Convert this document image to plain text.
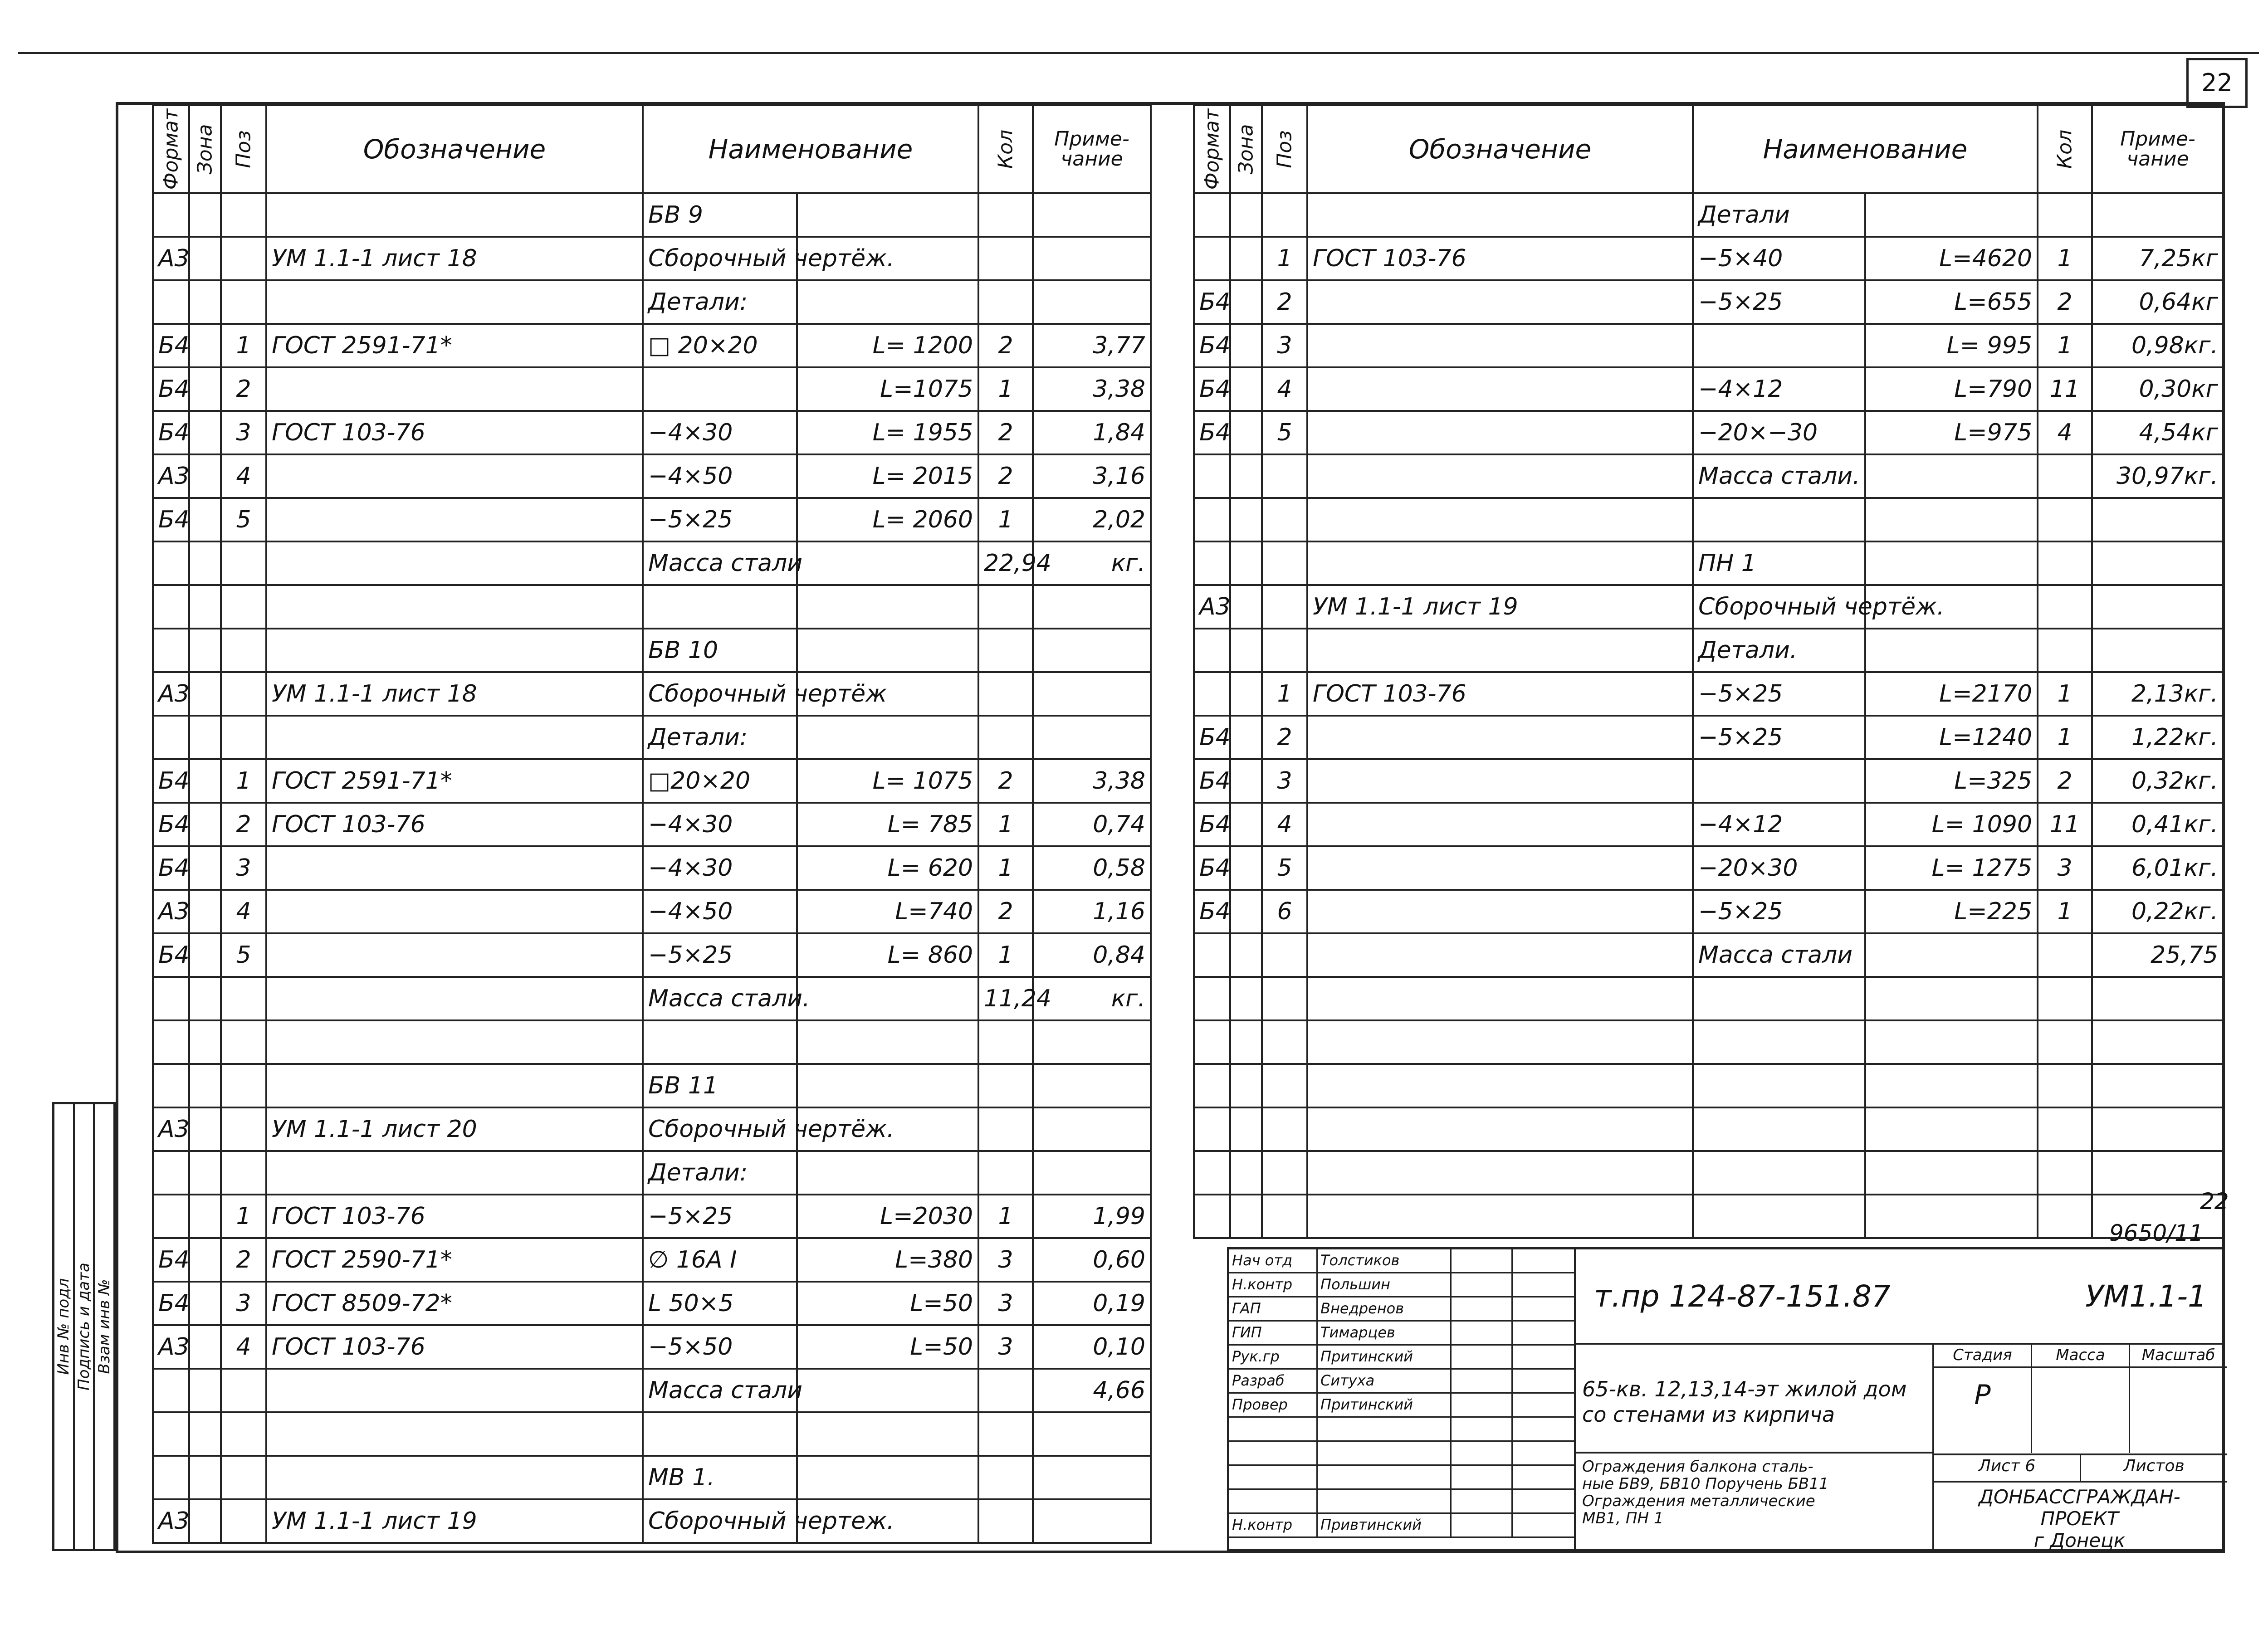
22
Инв № подл Подпись и дата Взам инв №
Формат	Зона	Поз	Обозначение	Наименование		Кол	Приме-чание
				БВ 9			
А3			УМ 1.1-1 лист 18	Сборочный чертёж.			
				Детали:			
Б4		1	ГОСТ 2591-71*	□ 20×20	L= 1200	2	3,77
Б4		2			L=1075	1	3,38
Б4		3	ГОСТ 103-76	−4×30	L= 1955	2	1,84
А3		4		−4×50	L= 2015	2	3,16
Б4		5		−5×25	L= 2060	1	2,02
				Масса стали		22,94	кг.

				БВ 10			
А3			УМ 1.1-1 лист 18	Сборочный чертёж			
				Детали:			
Б4		1	ГОСТ 2591-71*	□20×20	L= 1075	2	3,38
Б4		2	ГОСТ 103-76	−4×30	L= 785	1	0,74
Б4		3		−4×30	L= 620	1	0,58
А3		4		−4×50	L=740	2	1,16
Б4		5		−5×25	L= 860	1	0,84
				Масса стали.		11,24	кг.

				БВ 11			
А3			УМ 1.1-1 лист 20	Сборочный чертёж.			
				Детали:			
		1	ГОСТ 103-76	−5×25	L=2030	1	1,99
Б4		2	ГОСТ 2590-71*	∅ 16А I	L=380	3	0,60
Б4		3	ГОСТ 8509-72*	L 50×5	L=50	3	0,19
А3		4	ГОСТ 103-76	−5×50	L=50	3	0,10
				Масса стали			4,66

				МВ 1.			
А3			УМ 1.1-1 лист 19	Сборочный чертеж.			
Формат	Зона	Поз	Обозначение	Наименование		Кол	Приме-чание
				Детали			
		1	ГОСТ 103-76	−5×40	L=4620	1	7,25кг
Б4		2		−5×25	L=655	2	0,64кг
Б4		3			L= 995	1	0,98кг.
Б4		4		−4×12	L=790	11	0,30кг
Б4		5		−20×−30	L=975	4	4,54кг
				Масса стали.			30,97кг.

				ПН 1			
А3			УМ 1.1-1 лист 19	Сборочный чертёж.			
				Детали.			
		1	ГОСТ 103-76	−5×25	L=2170	1	2,13кг.
Б4		2		−5×25	L=1240	1	1,22кг.
Б4		3			L=325	2	0,32кг.
Б4		4		−4×12	L= 1090	11	0,41кг.
Б4		5		−20×30	L= 1275	3	6,01кг.
Б4		6		−5×25	L=225	1	0,22кг.
				Масса стали			25,75

22
9650/11
Нач отд	Толстиков
Н.контр	Польшин
ГАП	Внедренов
ГИП	Тимарцев
Рук.гр	Притинский
Разраб	Ситуха
Провер	Притинский
Н.контр	Привтинский
т.пр 124-87-151.87	УМ1.1-1
65-кв. 12,13,14-эт жилой дом
со стенами из кирпича
Ограждения балкона сталь-
ные БВ9, БВ10 Поручень БВ11
Ограждения металлические
МВ1, ПН 1
Стадия	Масса	Масштаб
Р
Лист 6	Листов
ДОНБАССГРАЖДАН-
ПРОЕКТ
г Донецк
